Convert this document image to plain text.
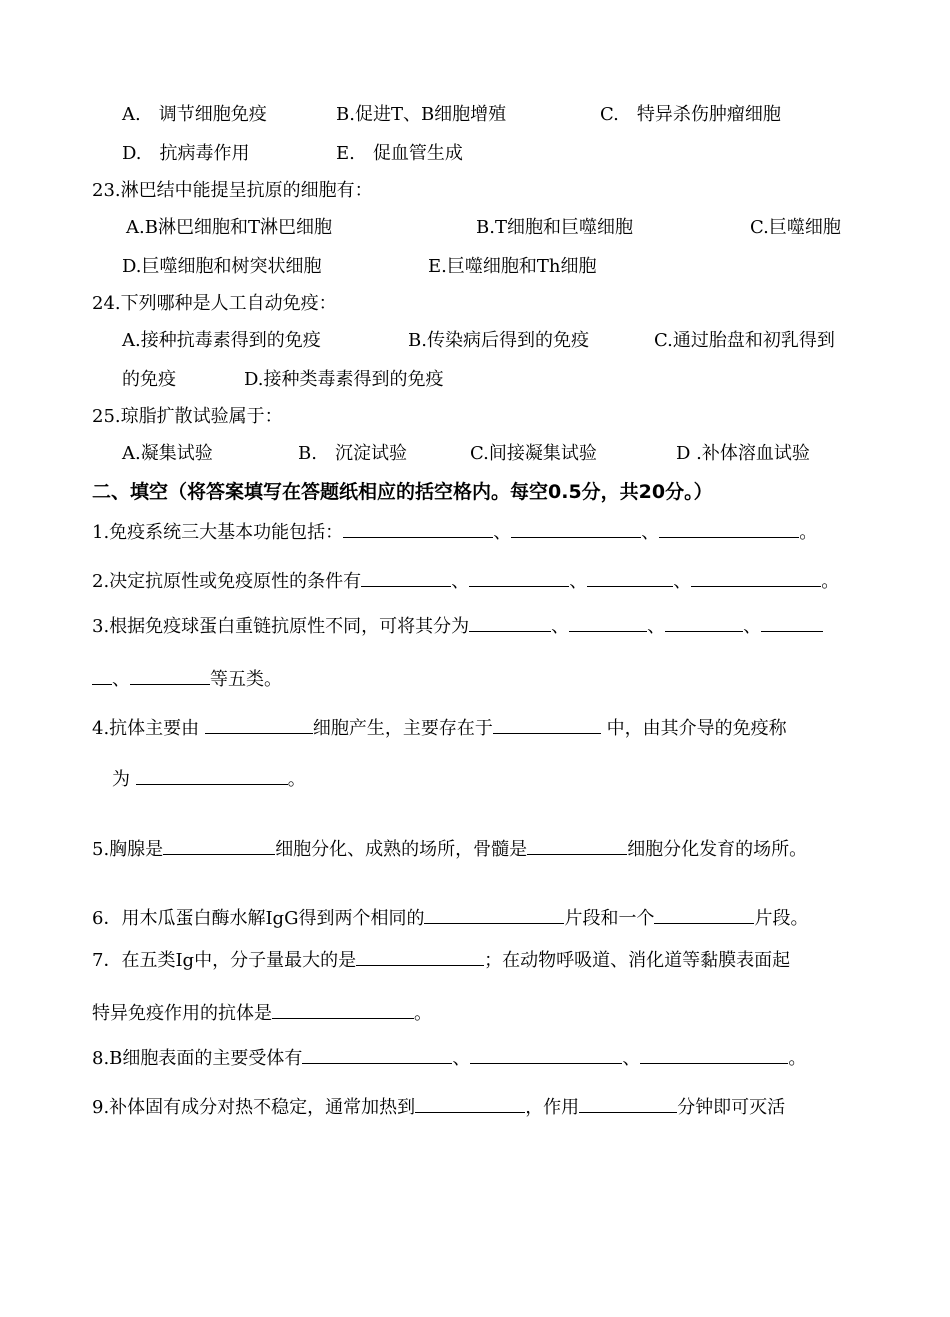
A.　调节细胞免疫	B.促进T、B细胞增殖	C.　特异杀伤肿瘤细胞
D.　抗病毒作用	E.　促血管生成
23.淋巴结中能提呈抗原的细胞有：
A.B淋巴细胞和T淋巴细胞	B.T细胞和巨噬细胞	C.巨噬细胞
D.巨噬细胞和树突状细胞	E.巨噬细胞和Th细胞
24.下列哪种是人工自动免疫：
A.接种抗毒素得到的免疫	B.传染病后得到的免疫	C.通过胎盘和初乳得到
的免疫	D.接种类毒素得到的免疫
25.琼脂扩散试验属于：
A.凝集试验	B.　沉淀试验	C.间接凝集试验	D .补体溶血试验
二、填空（将答案填写在答题纸相应的括空格内。每空0.5分，共20分。）
1.免疫系统三大基本功能包括：	、	、	。
2.决定抗原性或免疫原性的条件有	、	、	、	。
3.根据免疫球蛋白重链抗原性不同，可将其分为	、	、	、
、	等五类。
4.抗体主要由	细胞产生，主要存在于	中，由其介导的免疫称
为	。
5.胸腺是	细胞分化、成熟的场所，骨髓是	细胞分化发育的场所。
6．用木瓜蛋白酶水解IgG得到两个相同的	片段和一个	片段。
7．在五类Ig中，分子量最大的是	；在动物呼吸道、消化道等黏膜表面起
特异免疫作用的抗体是	。
8.B细胞表面的主要受体有	、	、	。
9.补体固有成分对热不稳定，通常加热到	，作用	分钟即可灭活
